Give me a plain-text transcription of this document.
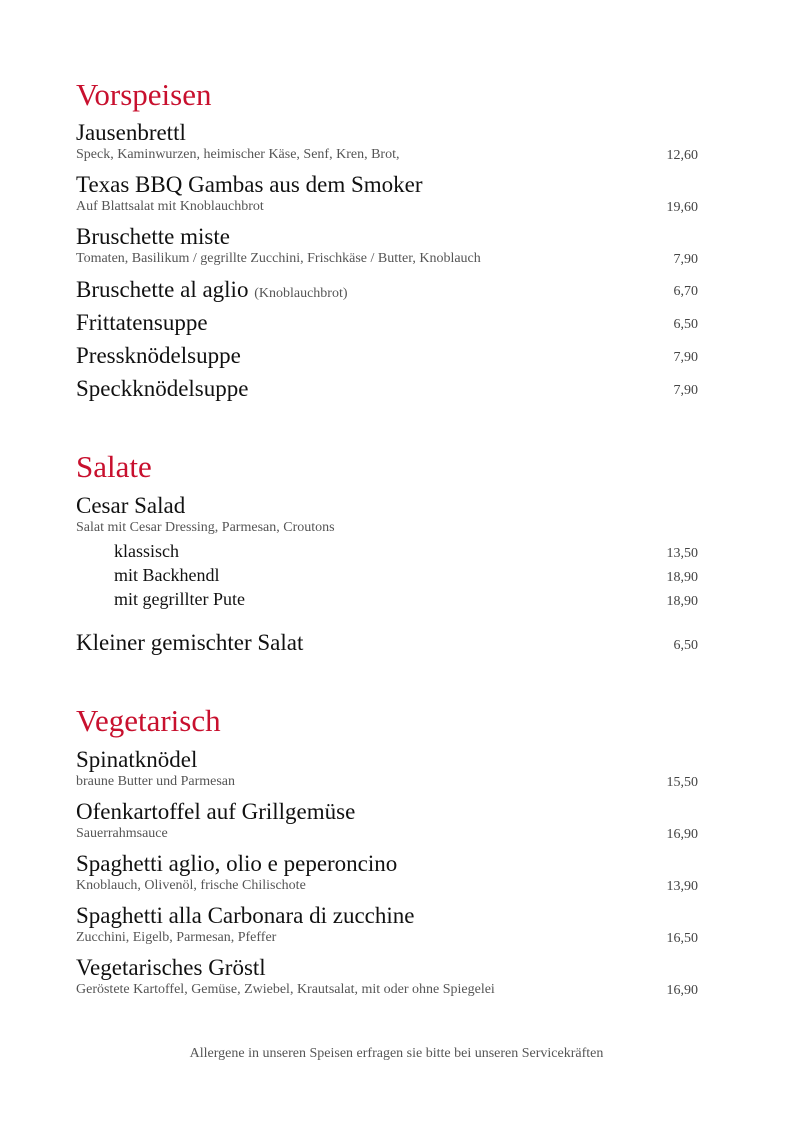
Vorspeisen
Jausenbrettl
Speck, Kaminwurzen, heimischer Käse, Senf, Kren, Brot,	12,60
Texas BBQ Gambas aus dem Smoker
Auf Blattsalat mit Knoblauchbrot	19,60
Bruschette miste
Tomaten, Basilikum / gegrillte Zucchini, Frischkäse / Butter, Knoblauch	7,90
Bruschette al aglio (Knoblauchbrot)	6,70
Frittatensuppe	6,50
Pressknödelsuppe	7,90
Speckknödelsuppe	7,90
Salate
Cesar Salad
Salat mit Cesar Dressing, Parmesan, Croutons
klassisch	13,50
mit Backhendl	18,90
mit gegrillter Pute	18,90
Kleiner gemischter Salat	6,50
Vegetarisch
Spinatknödel
braune Butter und Parmesan	15,50
Ofenkartoffel auf Grillgemüse
Sauerrahmsauce	16,90
Spaghetti aglio, olio e peperoncino
Knoblauch, Olivenöl, frische Chilischote	13,90
Spaghetti alla Carbonara di zucchine
Zucchini, Eigelb, Parmesan, Pfeffer	16,50
Vegetarisches Gröstl
Geröstete Kartoffel, Gemüse, Zwiebel, Krautsalat, mit oder ohne Spiegelei	16,90
Allergene in unseren Speisen erfragen sie bitte bei unseren Servicekräften
